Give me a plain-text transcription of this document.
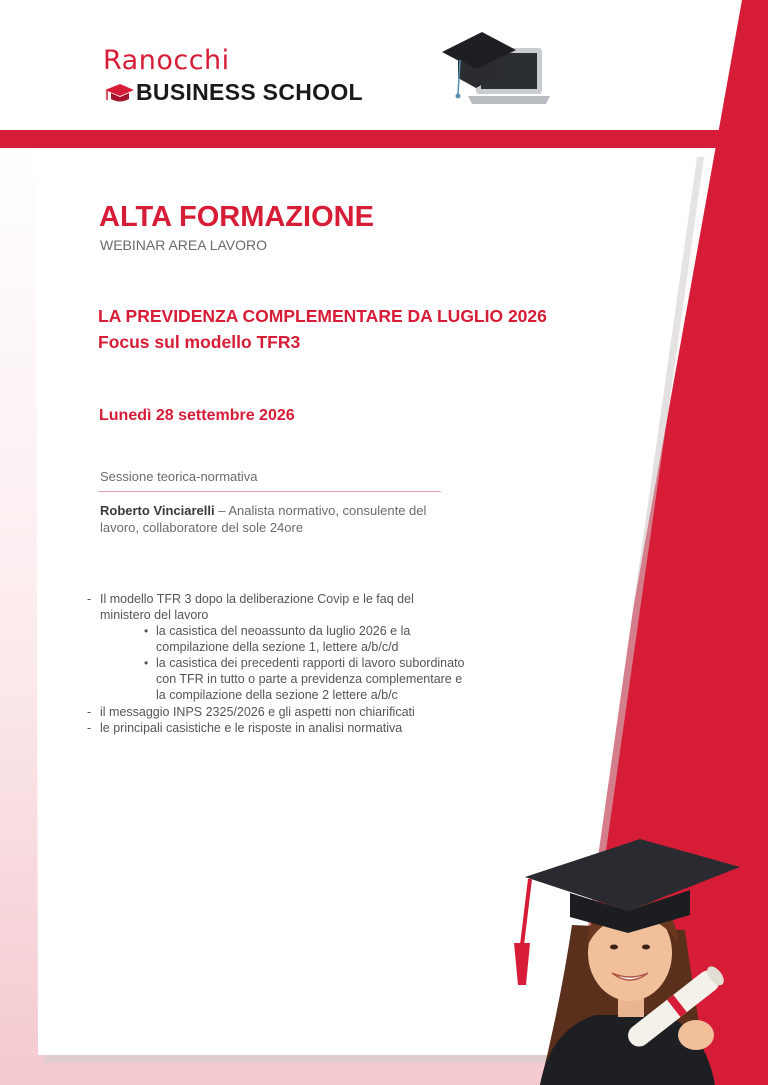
Ranocchi
BUSINESS SCHOOL
ALTA FORMAZIONE
WEBINAR AREA LAVORO
LA PREVIDENZA COMPLEMENTARE DA LUGLIO 2026
Focus sul modello TFR3
Lunedì 28 settembre 2026
Sessione teorica-normativa
Roberto Vinciarelli – Analista normativo, consulente del lavoro, collaboratore del sole 24ore
- Il modello TFR 3 dopo la deliberazione Covip e le faq del
ministero del lavoro
• la casistica del neoassunto da luglio 2026 e la
compilazione della sezione 1, lettere a/b/c/d
• la casistica dei precedenti rapporti di lavoro subordinato
con TFR in tutto o parte a previdenza complementare e
la compilazione della sezione 2 lettere a/b/c
- il messaggio INPS 2325/2026 e gli aspetti non chiarificati
- le principali casistiche e le risposte in analisi normativa
